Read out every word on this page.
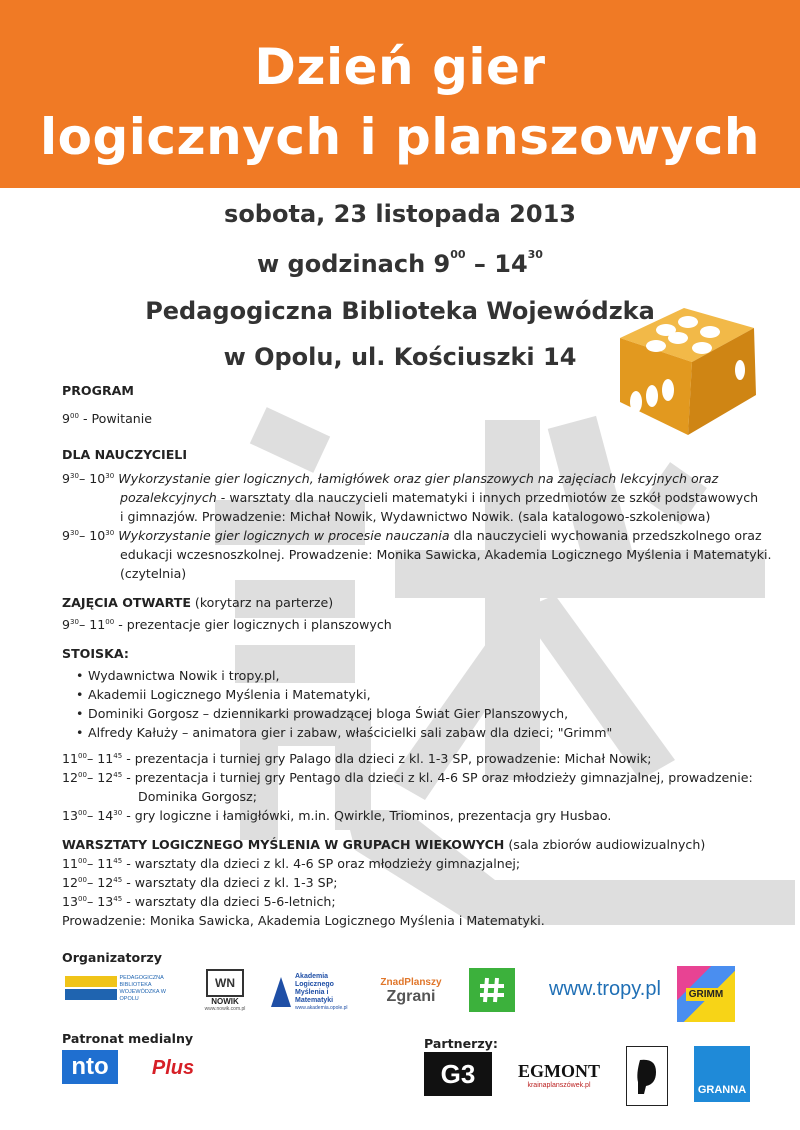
Dzień gier
logicznych i planszowych
sobota, 23 listopada 2013
w godzinach $9^{00} - 14^{30}$
Pedagogiczna Biblioteka Wojewódzka
w Opolu, ul. Kościuszki 14
PROGRAM
$9^{00}$ - Powitanie
DLA NAUCZYCIELI
$9^{30}-$ $10^{30}$ Wykorzystanie gier logicznych, łamigłówek oraz gier planszowych na zajęciach lekcyjnych oraz
pozalekcyjnych - warsztaty dla nauczycieli matematyki i innych przedmiotów ze szkół podstawowych
i gimnazjów. Prowadzenie: Michał Nowik, Wydawnictwo Nowik. (sala katalogowo-szkoleniowa)
$9^{30}-$ $10^{30}$ Wykorzystanie gier logicznych w procesie nauczania dla nauczycieli wychowania przedszkolnego oraz
edukacji wczesnoszkolnej. Prowadzenie: Monika Sawicka, Akademia Logicznego Myślenia i Matematyki.
(czytelnia)
ZAJĘCIA OTWARTE (korytarz na parterze)
$9^{30}-$ $11^{00}$ - prezentacje gier logicznych i planszowych
STOISKA:
• Wydawnictwa Nowik i tropy.pl,
• Akademii Logicznego Myślenia i Matematyki,
• Dominiki Gorgosz – dziennikarki prowadzącej bloga Świat Gier Planszowych,
• Alfredy Kałuży – animatora gier i zabaw, właścicielki sali zabaw dla dzieci; "Grimm"
$11^{00}-$ $11^{45}$ - prezentacja i turniej gry Palago dla dzieci z kl. 1-3 SP, prowadzenie: Michał Nowik;
$12^{00}-$ $12^{45}$ - prezentacja i turniej gry Pentago dla dzieci z kl. 4-6 SP oraz młodzieży gimnazjalnej, prowadzenie:
Dominika Gorgosz;
$13^{00}-$ $14^{30}$ - gry logiczne i łamigłówki, m.in. Qwirkle, Triominos, prezentacja gry Husbao.
WARSZTATY LOGICZNEGO MYŚLENIA W GRUPACH WIEKOWYCH (sala zbiorów audiowizualnych)
$11^{00}-$ $11^{45}$ - warsztaty dla dzieci z kl. 4-6 SP oraz młodzieży gimnazjalnej;
$12^{00}-$ $12^{45}$ - warsztaty dla dzieci z kl. 1-3 SP;
$13^{00}-$ $13^{45}$ - warsztaty dla dzieci 5-6-letnich;
Prowadzenie: Monika Sawicka, Akademia Logicznego Myślenia i Matematyki.
Organizatorzy
Patronat medialny	Partnerzy:
PEDAGOGICZNA BIBLIOTEKA WOJEWÓDZKA W OPOLU
WN
NOWIK
www.nowik.com.pl
Akademia Logicznego Myślenia i Matematyki
www.akademia.opole.pl
ZnadPlanszy
Zgrani	www.tropy.pl	GRIMM
nto	Plus	G3	EGMONT
krainaplanszówek.pl	GRANNA
